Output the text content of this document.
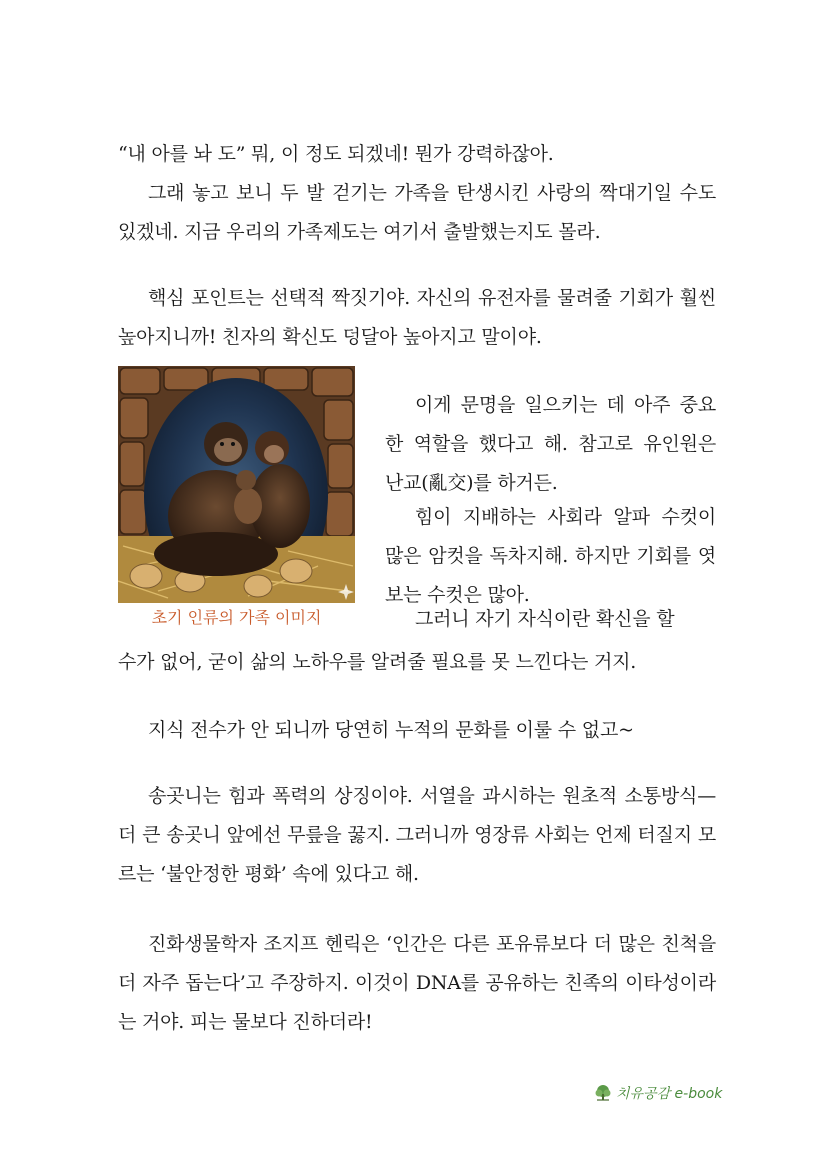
“내 아를 놔 도” 뭐, 이 정도 되겠네! 뭔가 강력하잖아.

그래 놓고 보니 두 발 걷기는 가족을 탄생시킨 사랑의 짝대기일 수도 있겠네. 지금 우리의 가족제도는 여기서 출발했는지도 몰라.

핵심 포인트는 선택적 짝짓기야. 자신의 유전자를 물려줄 기회가 훨씬 높아지니까! 친자의 확신도 덩달아 높아지고 말이야.

초기 인류의 가족 이미지

이게 문명을 일으키는 데 아주 중요한 역할을 했다고 해. 참고로 유인원은 난교(亂交)를 하거든.

힘이 지배하는 사회라 알파 수컷이 많은 암컷을 독차지해. 하지만 기회를 엿보는 수컷은 많아.

그러니 자기 자식이란 확신을 할

수가 없어, 굳이 삶의 노하우를 알려줄 필요를 못 느낀다는 거지.

지식 전수가 안 되니까 당연히 누적의 문화를 이룰 수 없고~

송곳니는 힘과 폭력의 상징이야. 서열을 과시하는 원초적 소통방식—더 큰 송곳니 앞에선 무릎을 꿇지. 그러니까 영장류 사회는 언제 터질지 모르는 ‘불안정한 평화’ 속에 있다고 해.

진화생물학자 조지프 헨릭은 ‘인간은 다른 포유류보다 더 많은 친척을 더 자주 돕는다’고 주장하지. 이것이 DNA를 공유하는 친족의 이타성이라는 거야. 피는 물보다 진하더라!

치유공감 e-book
